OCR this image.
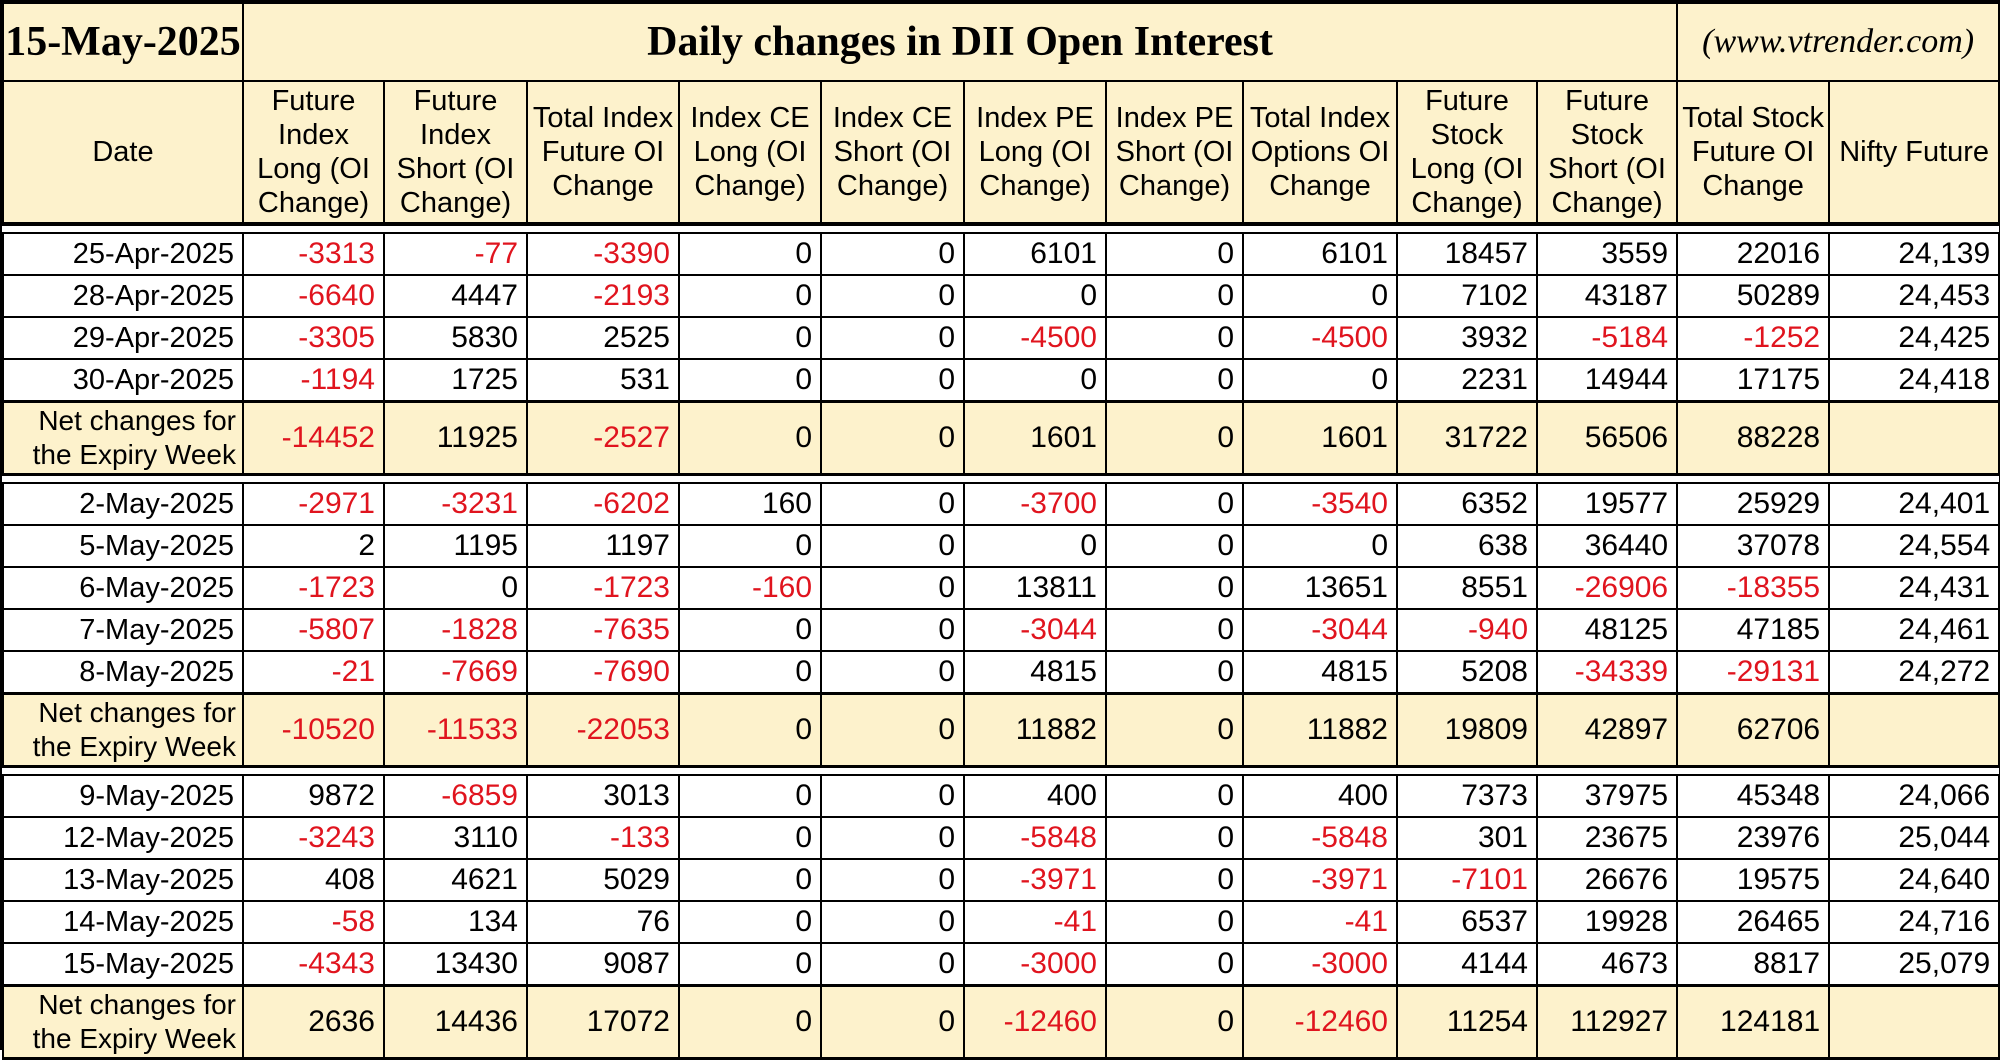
15-May-2025	Daily changes in DII Open Interest										(www.vtrender.com)	
Date	Future Index Long (OI Change)	Future Index Short (OI Change)	Total Index Future OI Change	Index CE Long (OI Change)	Index CE Short (OI Change)	Index PE Long (OI Change)	Index PE Short (OI Change)	Total Index Options OI Change	Future Stock Long (OI Change)	Future Stock Short (OI Change)	Total Stock Future OI Change	Nifty Future

25-Apr-2025	-3313	-77	-3390	0	0	6101	0	6101	18457	3559	22016	24,139
28-Apr-2025	-6640	4447	-2193	0	0	0	0	0	7102	43187	50289	24,453
29-Apr-2025	-3305	5830	2525	0	0	-4500	0	-4500	3932	-5184	-1252	24,425
30-Apr-2025	-1194	1725	531	0	0	0	0	0	2231	14944	17175	24,418

Net changes for
the Expiry Week	-14452	11925	-2527	0	0	1601	0	1601	31722	56506	88228	

2-May-2025	-2971	-3231	-6202	160	0	-3700	0	-3540	6352	19577	25929	24,401
5-May-2025	2	1195	1197	0	0	0	0	0	638	36440	37078	24,554
6-May-2025	-1723	0	-1723	-160	0	13811	0	13651	8551	-26906	-18355	24,431
7-May-2025	-5807	-1828	-7635	0	0	-3044	0	-3044	-940	48125	47185	24,461
8-May-2025	-21	-7669	-7690	0	0	4815	0	4815	5208	-34339	-29131	24,272

Net changes for
the Expiry Week	-10520	-11533	-22053	0	0	11882	0	11882	19809	42897	62706	

9-May-2025	9872	-6859	3013	0	0	400	0	400	7373	37975	45348	24,066
12-May-2025	-3243	3110	-133	0	0	-5848	0	-5848	301	23675	23976	25,044
13-May-2025	408	4621	5029	0	0	-3971	0	-3971	-7101	26676	19575	24,640
14-May-2025	-58	134	76	0	0	-41	0	-41	6537	19928	26465	24,716
15-May-2025	-4343	13430	9087	0	0	-3000	0	-3000	4144	4673	8817	25,079

Net changes for
the Expiry Week	2636	14436	17072	0	0	-12460	0	-12460	11254	112927	124181	
